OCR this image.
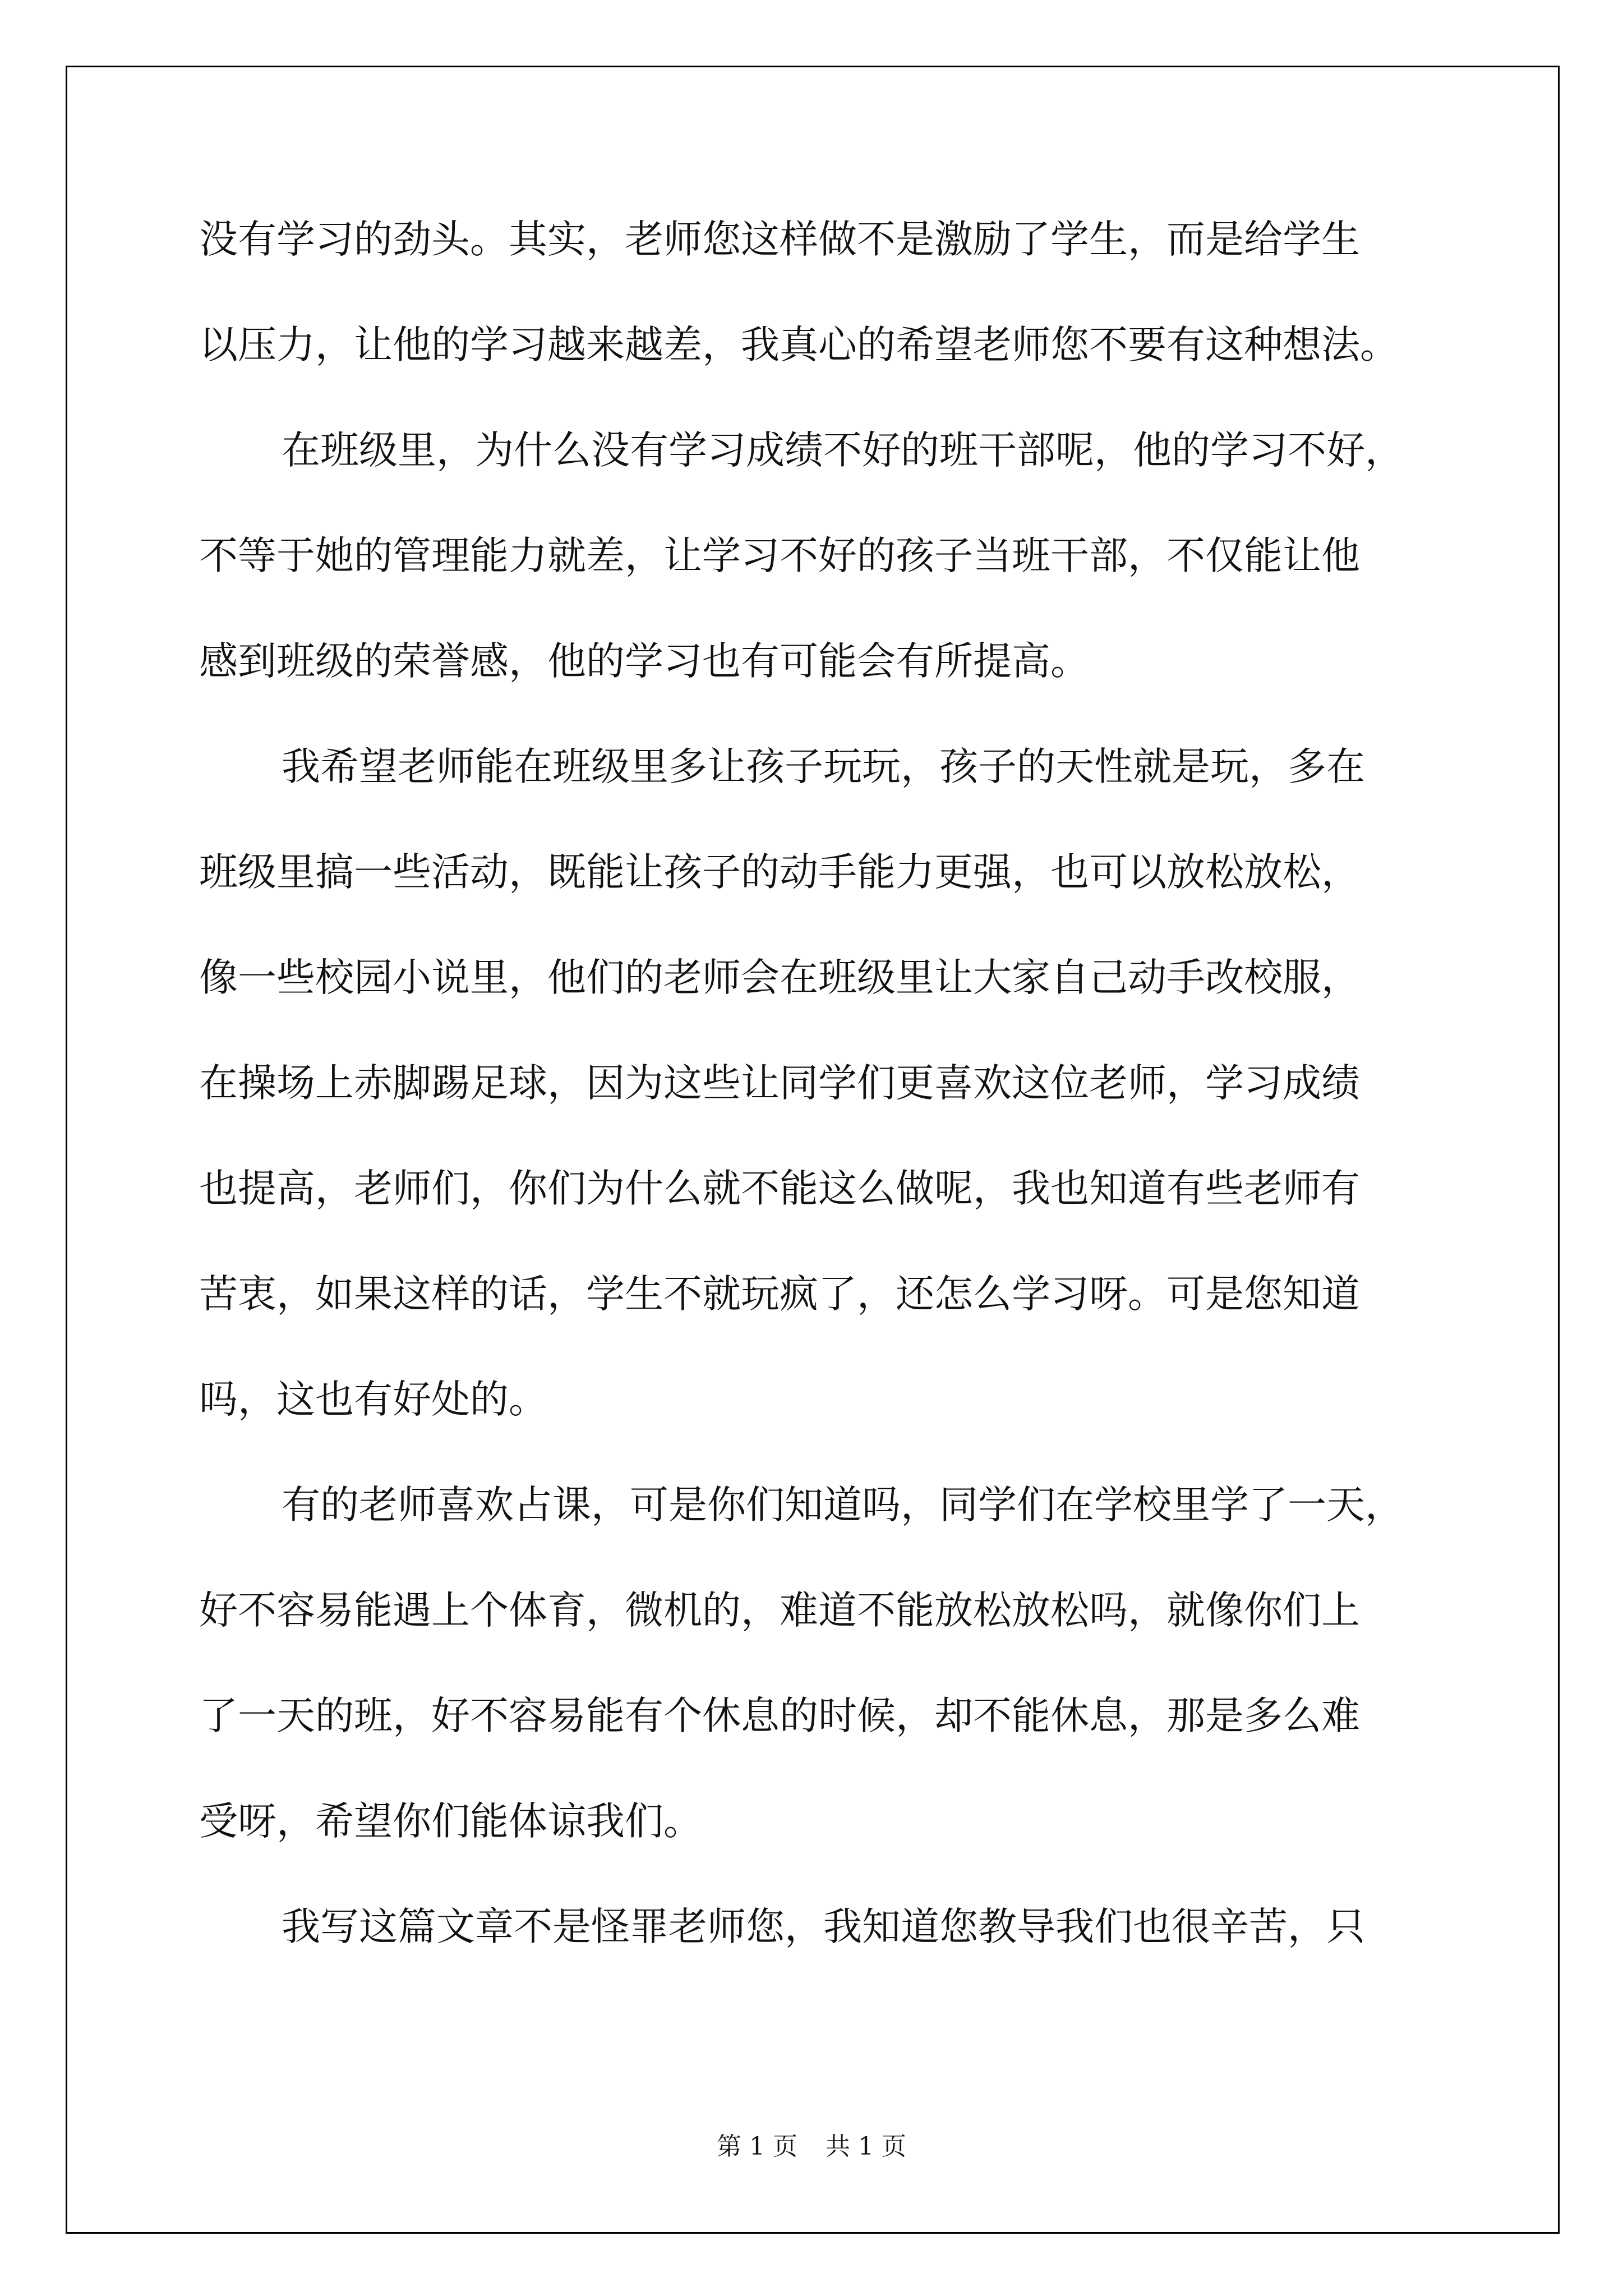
没有学习的劲头。其实，老师您这样做不是激励了学生，而是给学生

以压力，让他的学习越来越差，我真心的希望老师您不要有这种想法。

在班级里，为什么没有学习成绩不好的班干部呢，他的学习不好，

不等于她的管理能力就差，让学习不好的孩子当班干部，不仅能让他

感到班级的荣誉感，他的学习也有可能会有所提高。

我希望老师能在班级里多让孩子玩玩，孩子的天性就是玩，多在

班级里搞一些活动，既能让孩子的动手能力更强，也可以放松放松，

像一些校园小说里，他们的老师会在班级里让大家自己动手改校服，

在操场上赤脚踢足球，因为这些让同学们更喜欢这位老师，学习成绩

也提高，老师们，你们为什么就不能这么做呢，我也知道有些老师有

苦衷，如果这样的话，学生不就玩疯了，还怎么学习呀。可是您知道

吗，这也有好处的。

有的老师喜欢占课，可是你们知道吗，同学们在学校里学了一天，

好不容易能遇上个体育，微机的，难道不能放松放松吗，就像你们上

了一天的班，好不容易能有个休息的时候，却不能休息，那是多么难

受呀，希望你们能体谅我们。

我写这篇文章不是怪罪老师您，我知道您教导我们也很辛苦，只

第 1 页 共 1 页
